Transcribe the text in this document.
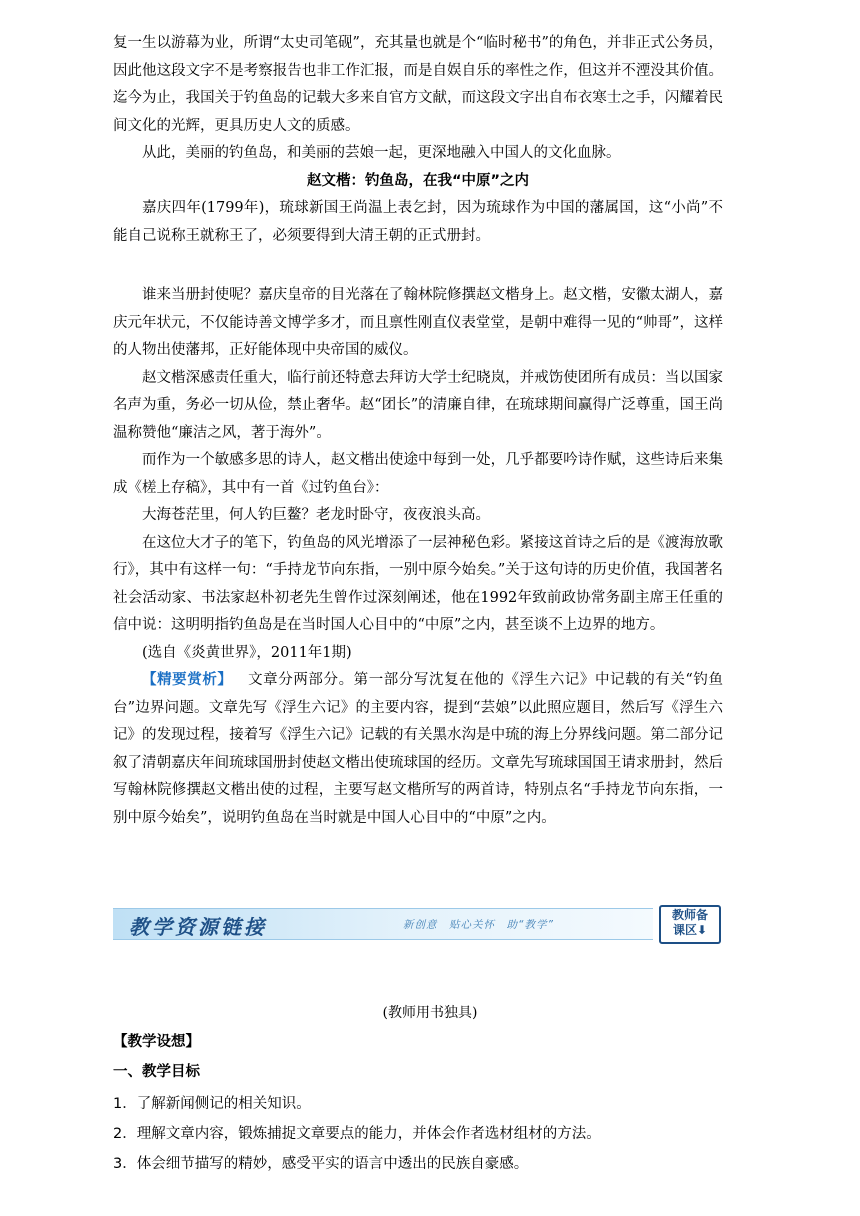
复一生以游幕为业，所谓“太史司笔砚”，充其量也就是个“临时秘书”的角色，并非正式公务员，因此他这段文字不是考察报告也非工作汇报，而是自娱自乐的率性之作，但这并不湮没其价值。迄今为止，我国关于钓鱼岛的记载大多来自官方文献，而这段文字出自布衣寒士之手，闪耀着民间文化的光辉，更具历史人文的质感。

从此，美丽的钓鱼岛，和美丽的芸娘一起，更深地融入中国人的文化血脉。

赵文楷：钓鱼岛，在我“中原”之内

嘉庆四年(1799年)，琉球新国王尚温上表乞封，因为琉球作为中国的藩属国，这“小尚”不能自己说称王就称王了，必须要得到大清王朝的正式册封。

谁来当册封使呢？嘉庆皇帝的目光落在了翰林院修撰赵文楷身上。赵文楷，安徽太湖人，嘉庆元年状元，不仅能诗善文博学多才，而且禀性刚直仪表堂堂，是朝中难得一见的“帅哥”，这样的人物出使藩邦，正好能体现中央帝国的威仪。

赵文楷深感责任重大，临行前还特意去拜访大学士纪晓岚，并戒饬使团所有成员：当以国家名声为重，务必一切从俭，禁止奢华。赵“团长”的清廉自律，在琉球期间赢得广泛尊重，国王尚温称赞他“廉洁之风，著于海外”。

而作为一个敏感多思的诗人，赵文楷出使途中每到一处，几乎都要吟诗作赋，这些诗后来集成《槎上存稿》，其中有一首《过钓鱼台》：

大海苍茫里，何人钓巨鳌？老龙时卧守，夜夜浪头高。

在这位大才子的笔下，钓鱼岛的风光增添了一层神秘色彩。紧接这首诗之后的是《渡海放歌行》，其中有这样一句：“手持龙节向东指，一别中原今始矣。”关于这句诗的历史价值，我国著名社会活动家、书法家赵朴初老先生曾作过深刻阐述，他在1992年致前政协常务副主席王任重的信中说：这明明指钓鱼岛是在当时国人心目中的“中原”之内，甚至谈不上边界的地方。

(选自《炎黄世界》，2011年1期)

【精要赏析】 文章分两部分。第一部分写沈复在他的《浮生六记》中记载的有关“钓鱼台”边界问题。文章先写《浮生六记》的主要内容，提到“芸娘”以此照应题目，然后写《浮生六记》的发现过程，接着写《浮生六记》记载的有关黑水沟是中琉的海上分界线问题。第二部分记叙了清朝嘉庆年间琉球国册封使赵文楷出使琉球国的经历。文章先写琉球国国王请求册封，然后写翰林院修撰赵文楷出使的过程，主要写赵文楷所写的两首诗，特别点名“手持龙节向东指，一别中原今始矣”，说明钓鱼岛在当时就是中国人心目中的“中原”之内。

教学资源链接	新创意　贴心关怀　助“教学”
教师备
课区⬇
(教师用书独具)
【教学设想】
一、教学目标
1．了解新闻侧记的相关知识。
2．理解文章内容，锻炼捕捉文章要点的能力，并体会作者选材组材的方法。
3．体会细节描写的精妙，感受平实的语言中透出的民族自豪感。
